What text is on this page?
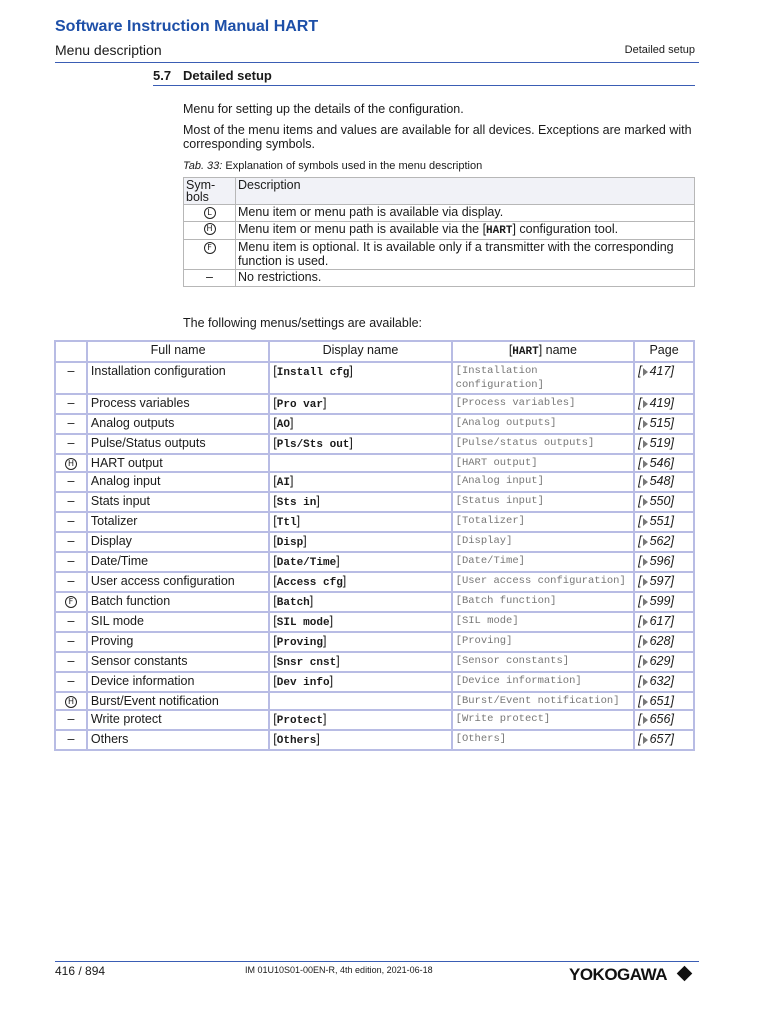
Software Instruction Manual HART
Menu description	Detailed setup
5.7 Detailed setup
Menu for setting up the details of the configuration.
Most of the menu items and values are available for all devices. Exceptions are marked with corresponding symbols.
Tab. 33: Explanation of symbols used in the menu description
Sym-
bols	Description
L	Menu item or menu path is available via display.
H	Menu item or menu path is available via the [HART] configuration tool.
F	Menu item is optional. It is available only if a transmitter with the corresponding function is used.
–	No restrictions.
The following menus/settings are available:
	Full name	Display name	[HART] name	Page
–	Installation configuration	[Install cfg]	[Installation configuration]	[ 417]
–	Process variables	[Pro var]	[Process variables]	[ 419]
–	Analog outputs	[AO]	[Analog outputs]	[ 515]
–	Pulse/Status outputs	[Pls/Sts out]	[Pulse/status outputs]	[ 519]
H	HART output		[HART output]	[ 546]
–	Analog input	[AI]	[Analog input]	[ 548]
–	Stats input	[Sts in]	[Status input]	[ 550]
–	Totalizer	[Ttl]	[Totalizer]	[ 551]
–	Display	[Disp]	[Display]	[ 562]
–	Date/Time	[Date/Time]	[Date/Time]	[ 596]
–	User access configuration	[Access cfg]	[User access configuration]	[ 597]
F	Batch function	[Batch]	[Batch function]	[ 599]
–	SIL mode	[SIL mode]	[SIL mode]	[ 617]
–	Proving	[Proving]	[Proving]	[ 628]
–	Sensor constants	[Snsr cnst]	[Sensor constants]	[ 629]
–	Device information	[Dev info]	[Device information]	[ 632]
H	Burst/Event notification		[Burst/Event notification]	[ 651]
–	Write protect	[Protect]	[Write protect]	[ 656]
–	Others	[Others]	[Others]	[ 657]
416 / 894	IM 01U10S01-00EN-R, 4th edition, 2021-06-18	YOKOGAWA
